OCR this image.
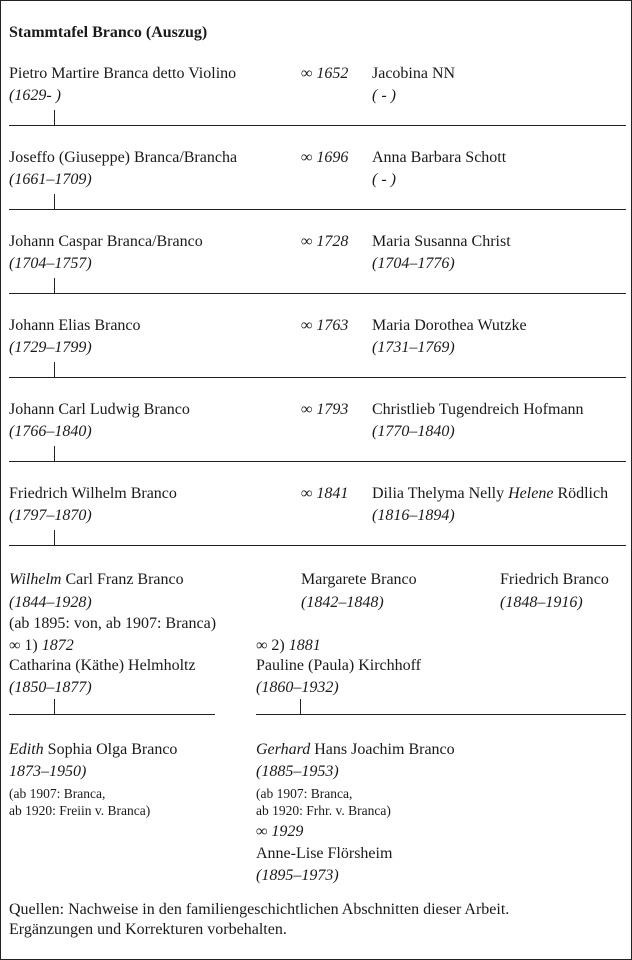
Stammtafel Branco (Auszug)
Pietro Martire Branca detto Violino
(1629- )
∞ 1652 Jacobina NN
( - )
Joseffo (Giuseppe) Branca/Brancha
(1661–1709)
∞ 1696 Anna Barbara Schott
( - )
Johann Caspar Branca/Branco
(1704–1757)
∞ 1728 Maria Susanna Christ
(1704–1776)
Johann Elias Branco
(1729–1799)
∞ 1763 Maria Dorothea Wutzke
(1731–1769)
Johann Carl Ludwig Branco
(1766–1840)
∞ 1793 Christlieb Tugendreich Hofmann
(1770–1840)
Friedrich Wilhelm Branco
(1797–1870)
∞ 1841 Dilia Thelyma Nelly Helene Rödlich
(1816–1894)
Wilhelm Carl Franz Branco
(1844–1928)
(ab 1895: von, ab 1907: Branca)
Margarete Branco
(1842–1848)
Friedrich Branco
(1848–1916)
∞ 1) 1872
Catharina (Käthe) Helmholtz
(1850–1877)
∞ 2) 1881
Pauline (Paula) Kirchhoff
(1860–1932)
Edith Sophia Olga Branco
1873–1950)
(ab 1907: Branca,
ab 1920: Freiin v. Branca)
Gerhard Hans Joachim Branco
(1885–1953)
(ab 1907: Branca,
ab 1920: Frhr. v. Branca)
∞ 1929
Anne-Lise Flörsheim
(1895–1973)
Quellen: Nachweise in den familiengeschichtlichen Abschnitten dieser Arbeit.
Ergänzungen und Korrekturen vorbehalten.
